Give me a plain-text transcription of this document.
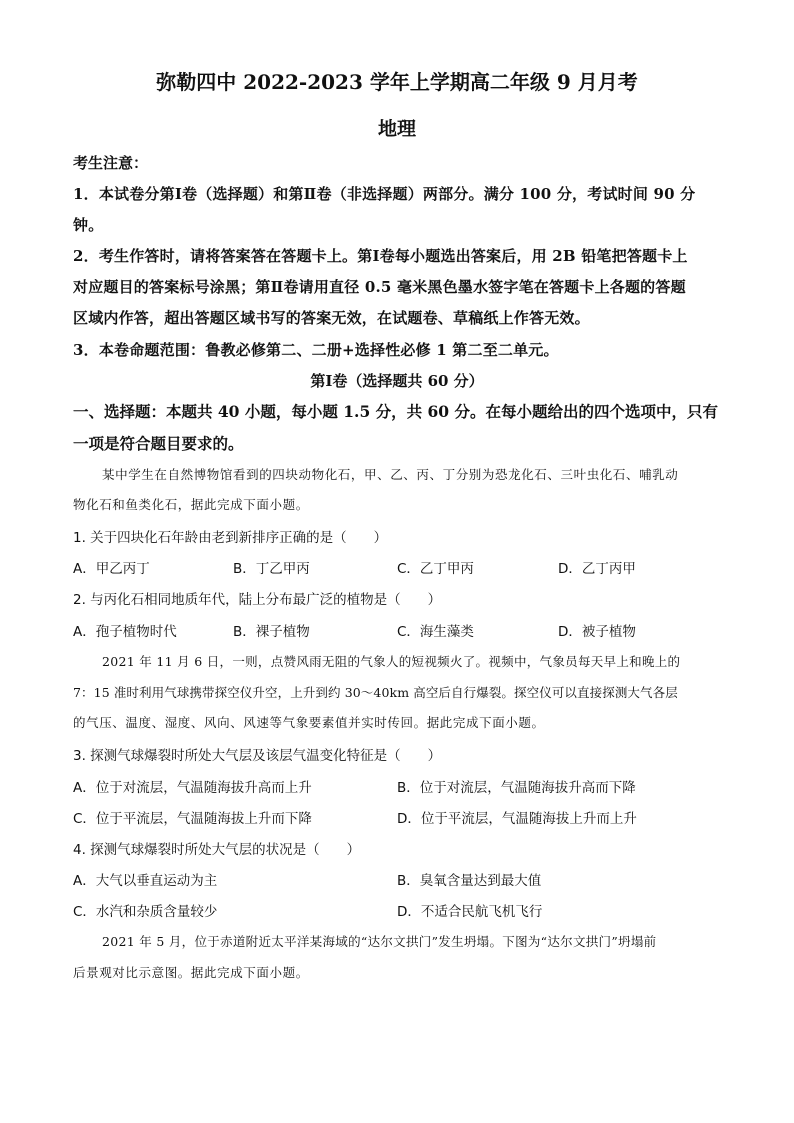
弥勒四中 2022-2023 学年上学期高二年级 9 月月考
地理
考生注意：
1．本试卷分第Ⅰ卷（选择题）和第Ⅱ卷（非选择题）两部分。满分 100 分，考试时间 90 分
钟。
2．考生作答时，请将答案答在答题卡上。第Ⅰ卷每小题选出答案后，用 2B 铅笔把答题卡上
对应题目的答案标号涂黑；第Ⅱ卷请用直径 0.5 毫米黑色墨水签字笔在答题卡上各题的答题
区域内作答，超出答题区域书写的答案无效，在试题卷、草稿纸上作答无效。
3．本卷命题范围：鲁教必修第二、二册+选择性必修 1 第二至二单元。
第Ⅰ卷（选择题共 60 分）
一、选择题：本题共 40 小题，每小题 1.5 分，共 60 分。在每小题给出的四个选项中，只有
一项是符合题目要求的。
某中学生在自然博物馆看到的四块动物化石，甲、乙、丙、丁分别为恐龙化石、三叶虫化石、哺乳动
物化石和鱼类化石，据此完成下面小题。
1. 关于四块化石年龄由老到新排序正确的是（　　）
A．甲乙丙丁	B．丁乙甲丙	C．乙丁甲丙	D．乙丁丙甲
2. 与丙化石相同地质年代，陆上分布最广泛的植物是（　　）
A．孢子植物时代	B．裸子植物	C．海生藻类	D．被子植物
2021 年 11 月 6 日，一则，点赞风雨无阻的气象人的短视频火了。视频中，气象员每天早上和晚上的
7：15 准时利用气球携带探空仪升空，上升到约 30～40km 高空后自行爆裂。探空仪可以直接探测大气各层
的气压、温度、湿度、风向、风速等气象要素值并实时传回。据此完成下面小题。
3. 探测气球爆裂时所处大气层及该层气温变化特征是（　　）
A．位于对流层，气温随海拔升高而上升	B．位于对流层，气温随海拔升高而下降
C．位于平流层，气温随海拔上升而下降	D．位于平流层，气温随海拔上升而上升
4. 探测气球爆裂时所处大气层的状况是（　　）
A．大气以垂直运动为主	B．臭氧含量达到最大值
C．水汽和杂质含量较少	D．不适合民航飞机飞行
2021 年 5 月，位于赤道附近太平洋某海域的“达尔文拱门”发生坍塌。下图为“达尔文拱门”坍塌前
后景观对比示意图。据此完成下面小题。
